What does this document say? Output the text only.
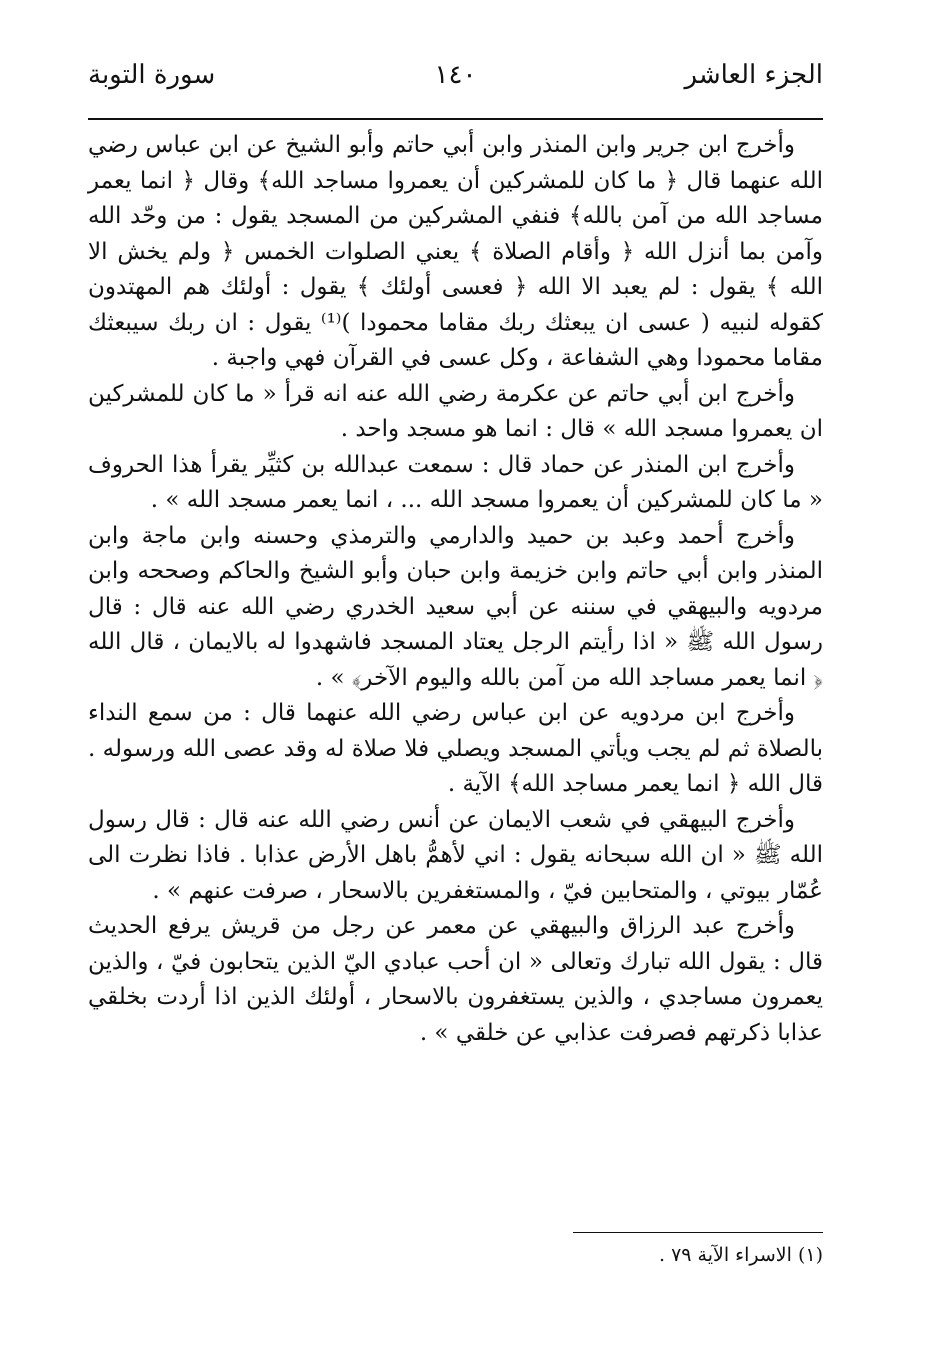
الجزء العاشر
١٤٠
سورة التوبة

وأخرج ابن جرير وابن المنذر وابن أبي حاتم وأبو الشيخ عن ابن عباس رضي الله عنهما قال ﴿ ما كان للمشركين أن يعمروا مساجد الله﴾ وقال ﴿ انما يعمر مساجد الله من آمن بالله﴾ فنفي المشركين من المسجد يقول : من وحّد الله وآمن بما أنزل الله ﴿ وأقام الصلاة ﴾ يعني الصلوات الخمس ﴿ ولم يخش الا الله ﴾ يقول : لم يعبد الا الله ﴿ فعسى أولئك ﴾ يقول : أولئك هم المهتدون كقوله لنبيه ( عسى ان يبعثك ربك مقاما محمودا )⁽¹⁾ يقول : ان ربك سيبعثك مقاما محمودا وهي الشفاعة ، وكل عسى في القرآن فهي واجبة .

وأخرج ابن أبي حاتم عن عكرمة رضي الله عنه انه قرأ « ما كان للمشركين ان يعمروا مسجد الله » قال : انما هو مسجد واحد .

وأخرج ابن المنذر عن حماد قال : سمعت عبدالله بن كثيِّر يقرأ هذا الحروف « ما كان للمشركين أن يعمروا مسجد الله ... ، انما يعمر مسجد الله » .

وأخرج أحمد وعبد بن حميد والدارمي والترمذي وحسنه وابن ماجة وابن المنذر وابن أبي حاتم وابن خزيمة وابن حبان وأبو الشيخ والحاكم وصححه وابن مردويه والبيهقي في سننه عن أبي سعيد الخدري رضي الله عنه قال : قال رسول الله ﷺ « اذا رأيتم الرجل يعتاد المسجد فاشهدوا له بالايمان ، قال الله ﴿ انما يعمر مساجد الله من آمن بالله واليوم الآخر﴾ » .

وأخرج ابن مردويه عن ابن عباس رضي الله عنهما قال : من سمع النداء بالصلاة ثم لم يجب ويأتي المسجد ويصلي فلا صلاة له وقد عصى الله ورسوله . قال الله ﴿ انما يعمر مساجد الله﴾ الآية .

وأخرج البيهقي في شعب الايمان عن أنس رضي الله عنه قال : قال رسول الله ﷺ « ان الله سبحانه يقول : اني لأهمُّ باهل الأرض عذابا . فاذا نظرت الى عُمّار بيوتي ، والمتحابين فيّ ، والمستغفرين بالاسحار ، صرفت عنهم » .

وأخرج عبد الرزاق والبيهقي عن معمر عن رجل من قريش يرفع الحديث قال : يقول الله تبارك وتعالى « ان أحب عبادي اليّ الذين يتحابون فيّ ، والذين يعمرون مساجدي ، والذين يستغفرون بالاسحار ، أولئك الذين اذا أردت بخلقي عذابا ذكرتهم فصرفت عذابي عن خلقي » .

(١) الاسراء الآية ٧٩ .
